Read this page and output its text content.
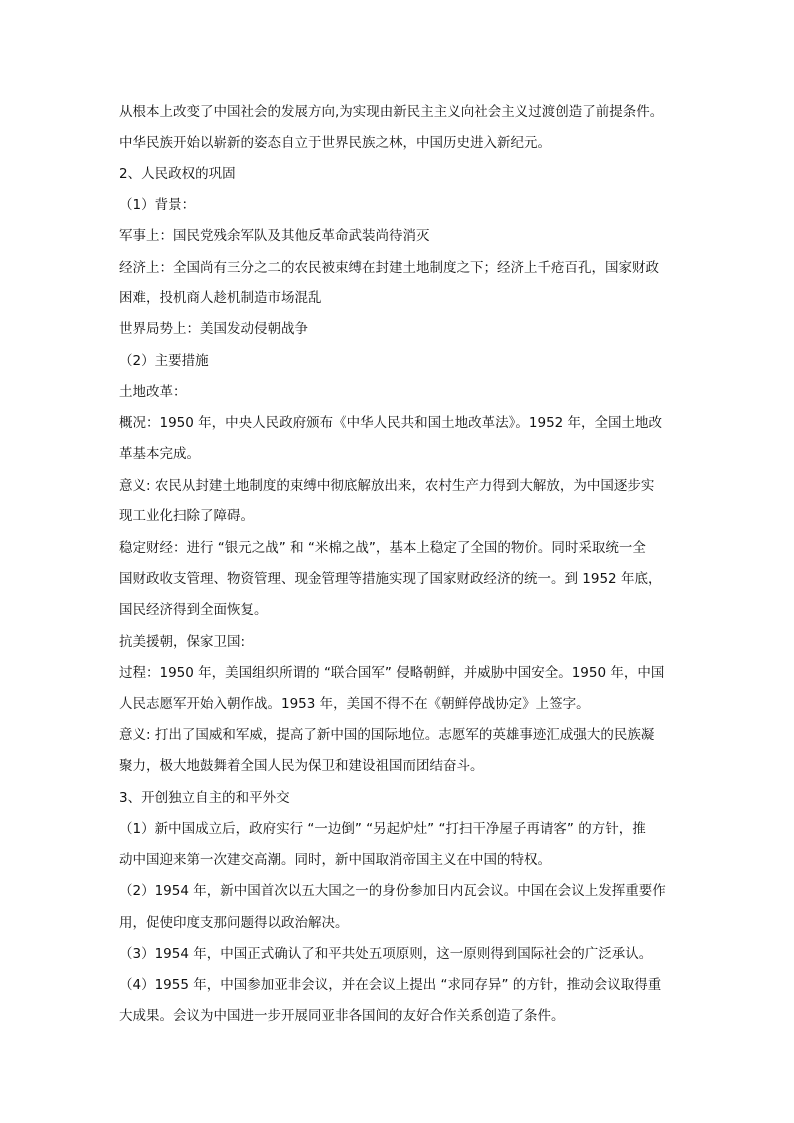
从根本上改变了中国社会的发展方向,为实现由新民主主义向社会主义过渡创造了前提条件。
中华民族开始以崭新的姿态自立于世界民族之林，中国历史进入新纪元。
2、人民政权的巩固
（1）背景：
军事上：国民党残余军队及其他反革命武装尚待消灭
经济上：全国尚有三分之二的农民被束缚在封建土地制度之下；经济上千疮百孔，国家财政
困难，投机商人趁机制造市场混乱
世界局势上：美国发动侵朝战争
（2）主要措施
土地改革：
概况：1950 年，中央人民政府颁布《中华人民共和国土地改革法》。1952 年，全国土地改
革基本完成。
意义: 农民从封建土地制度的束缚中彻底解放出来，农村生产力得到大解放，为中国逐步实
现工业化扫除了障碍。
稳定财经：进行 “银元之战” 和 “米棉之战”，基本上稳定了全国的物价。同时采取统一全
国财政收支管理、物资管理、现金管理等措施实现了国家财政经济的统一。到 1952 年底，
国民经济得到全面恢复。
抗美援朝，保家卫国:
过程：1950 年，美国组织所谓的 “联合国军” 侵略朝鲜，并威胁中国安全。1950 年，中国
人民志愿军开始入朝作战。1953 年，美国不得不在《朝鲜停战协定》上签字。
意义: 打出了国威和军威，提高了新中国的国际地位。志愿军的英雄事迹汇成强大的民族凝
聚力，极大地鼓舞着全国人民为保卫和建设祖国而团结奋斗。
3、开创独立自主的和平外交
（1）新中国成立后，政府实行 “一边倒” “另起炉灶” “打扫干净屋子再请客” 的方针，推
动中国迎来第一次建交高潮。同时，新中国取消帝国主义在中国的特权。
（2）1954 年，新中国首次以五大国之一的身份参加日内瓦会议。中国在会议上发挥重要作
用，促使印度支那问题得以政治解决。
（3）1954 年，中国正式确认了和平共处五项原则，这一原则得到国际社会的广泛承认。
（4）1955 年，中国参加亚非会议，并在会议上提出 “求同存异” 的方针，推动会议取得重
大成果。会议为中国进一步开展同亚非各国间的友好合作关系创造了条件。
